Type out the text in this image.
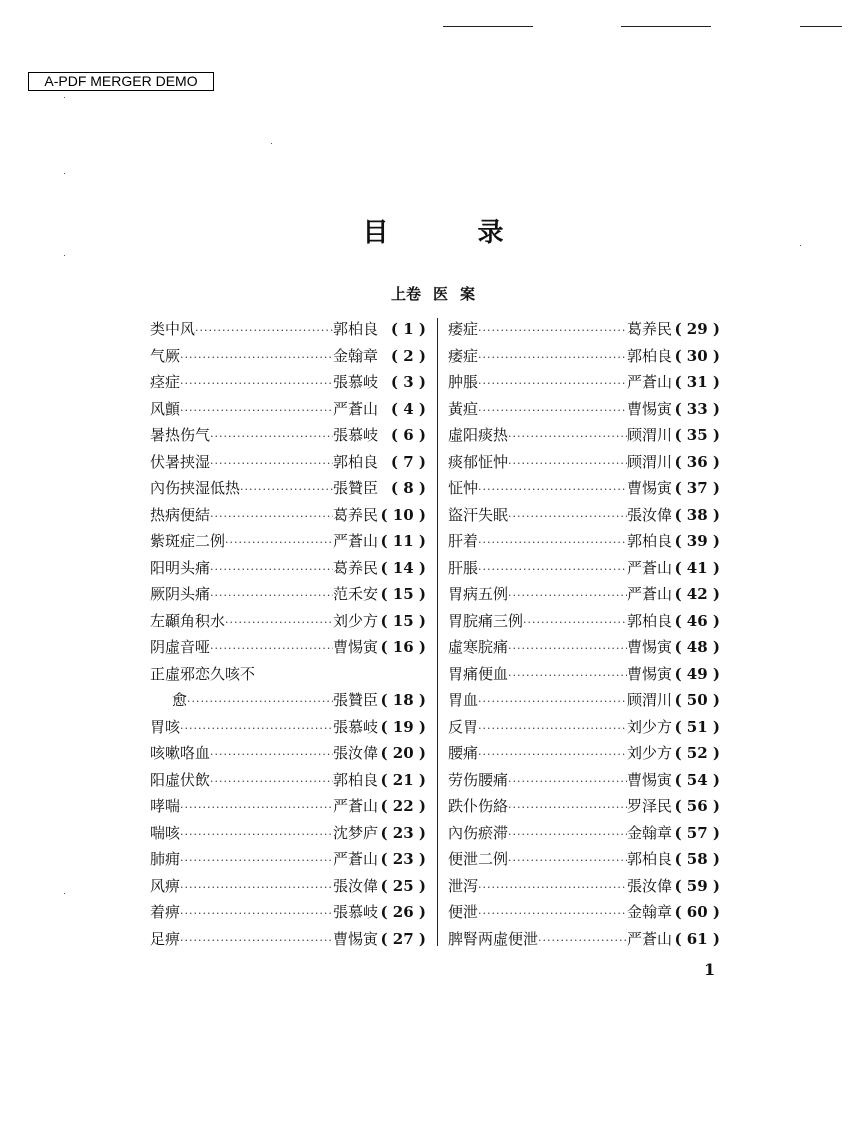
A-PDF MERGER DEMO
目 录
上卷 医 案
类中风 ·····	郭柏良 ( 1 )
气厥 ·····	金翰章 ( 2 )
痉症 ·····	張慕岐 ( 3 )
风顫 ·····	严蒼山 ( 4 )
暑热伤气 ·····	張慕岐 ( 6 )
伏暑挟湿 ·····	郭柏良 ( 7 )
內伤挟湿低热 ·····	張贊臣 ( 8 )
热病便結 ·····	葛养民 ( 10 )
紫斑症二例 ·····	严蒼山 ( 11 )
阳明头痛 ·····	葛养民 ( 14 )
厥阴头痛 ·····	范禾安 ( 15 )
左顳角积水 ·····	刘少方 ( 15 )
阴虛音哑 ·····	曹惕寅 ( 16 )
正虛邪恋久咳不
愈 ·····	張贊臣 ( 18 )
胃咳 ·····	張慕岐 ( 19 )
咳嗽咯血 ·····	張汝偉 ( 20 )
阳虛伏飲 ·····	郭柏良 ( 21 )
哮喘 ·····	严蒼山 ( 22 )
喘咳 ·····	沈梦庐 ( 23 )
肺痈 ·····	严蒼山 ( 23 )
风痹 ·····	張汝偉 ( 25 )
着痹 ·····	張慕岐 ( 26 )
足痹 ·····	曹惕寅 ( 27 )
痿症 ·····	葛养民 ( 29 )
痿症 ·····	郭柏良 ( 30 )
肿脹 ·····	严蒼山 ( 31 )
黃疸 ·····	曹惕寅 ( 33 )
虛阳痰热 ·····	顾渭川 ( 35 )
痰郁怔忡 ·····	顾渭川 ( 36 )
怔忡 ·····	曹惕寅 ( 37 )
盜汗失眠 ·····	張汝偉 ( 38 )
肝着 ·····	郭柏良 ( 39 )
肝脹 ·····	严蒼山 ( 41 )
胃病五例 ·····	严蒼山 ( 42 )
胃脘痛三例 ·····	郭柏良 ( 46 )
虛寒脘痛 ·····	曹惕寅 ( 48 )
胃痛便血 ·····	曹惕寅 ( 49 )
胃血 ·····	顾渭川 ( 50 )
反胃 ·····	刘少方 ( 51 )
腰痛 ·····	刘少方 ( 52 )
劳伤腰痛 ·····	曹惕寅 ( 54 )
跌仆伤絡 ·····	罗泽民 ( 56 )
內伤瘀滞 ·····	金翰章 ( 57 )
便泄二例 ·····	郭柏良 ( 58 )
泄泻 ·····	張汝偉 ( 59 )
便泄 ·····	金翰章 ( 60 )
脾腎两虛便泄 ·····	严蒼山 ( 61 )
1
